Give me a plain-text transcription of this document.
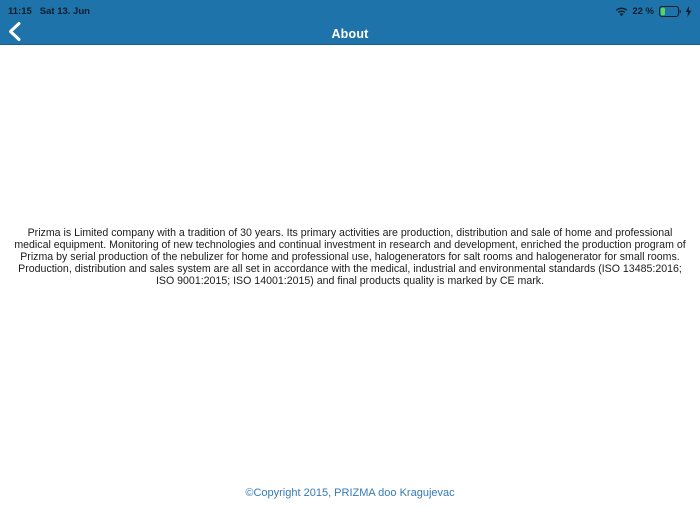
11:15 Sat 13. Jun	22 %
About

Prizma is Limited company with a tradition of 30 years. Its primary activities are production, distribution and sale of home and professional medical equipment. Monitoring of new technologies and continual investment in research and development, enriched the production program of Prizma by serial production of the nebulizer for home and professional use, halogenerators for salt rooms and halogenerator for small rooms. Production, distribution and sales system are all set in accordance with the medical, industrial and environmental standards (ISO 13485:2016; ISO 9001:2015; ISO 14001:2015) and final products quality is marked by CE mark.

©Copyright 2015, PRIZMA doo Kragujevac
